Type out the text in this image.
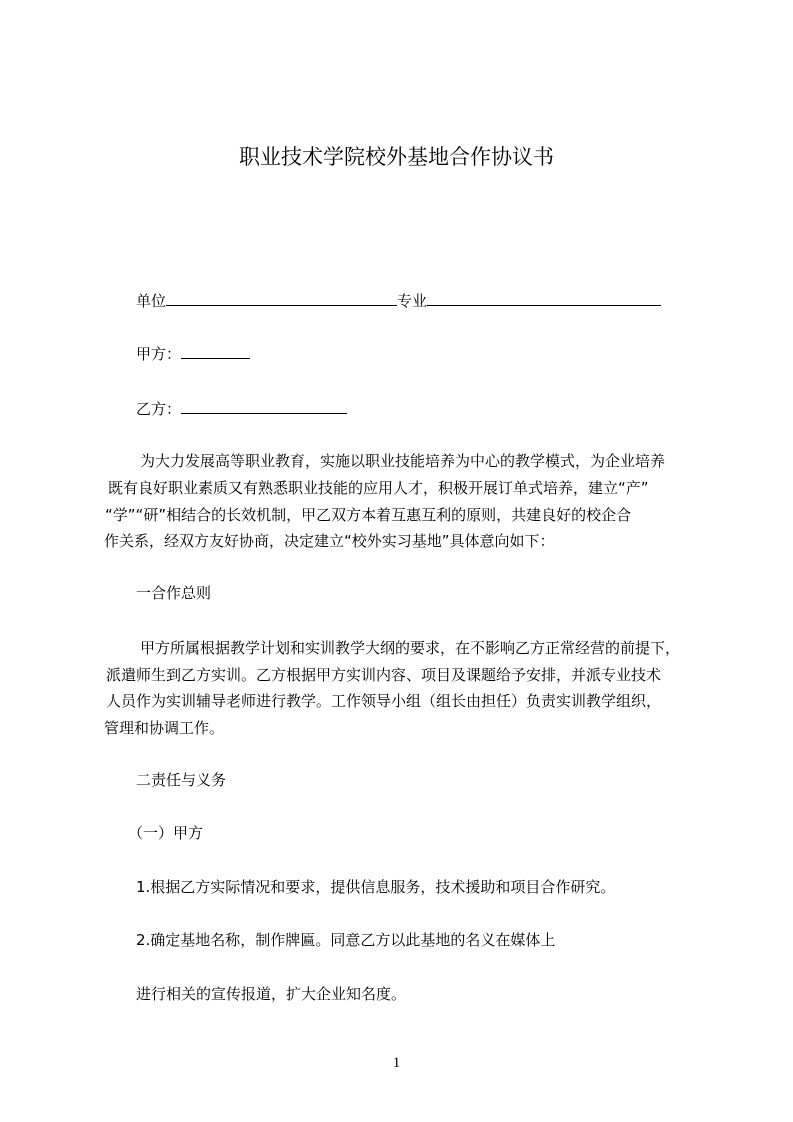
职业技术学院校外基地合作协议书
单位	专业
甲方：
乙方：
为大力发展高等职业教育，实施以职业技能培养为中心的教学模式，为企业培养
既有良好职业素质又有熟悉职业技能的应用人才，积极开展订单式培养，建立“产”
“学”“研”相结合的长效机制，甲乙双方本着互惠互利的原则，共建良好的校企合
作关系，经双方友好协商，决定建立“校外实习基地”具体意向如下：
一合作总则
甲方所属根据教学计划和实训教学大纲的要求，在不影响乙方正常经营的前提下，
派遣师生到乙方实训。乙方根据甲方实训内容、项目及课题给予安排，并派专业技术
人员作为实训辅导老师进行教学。工作领导小组（组长由担任）负责实训教学组织，
管理和协调工作。
二责任与义务
（一）甲方
1.根据乙方实际情况和要求，提供信息服务，技术援助和项目合作研究。
2.确定基地名称，制作牌匾。同意乙方以此基地的名义在媒体上
进行相关的宣传报道，扩大企业知名度。
1
